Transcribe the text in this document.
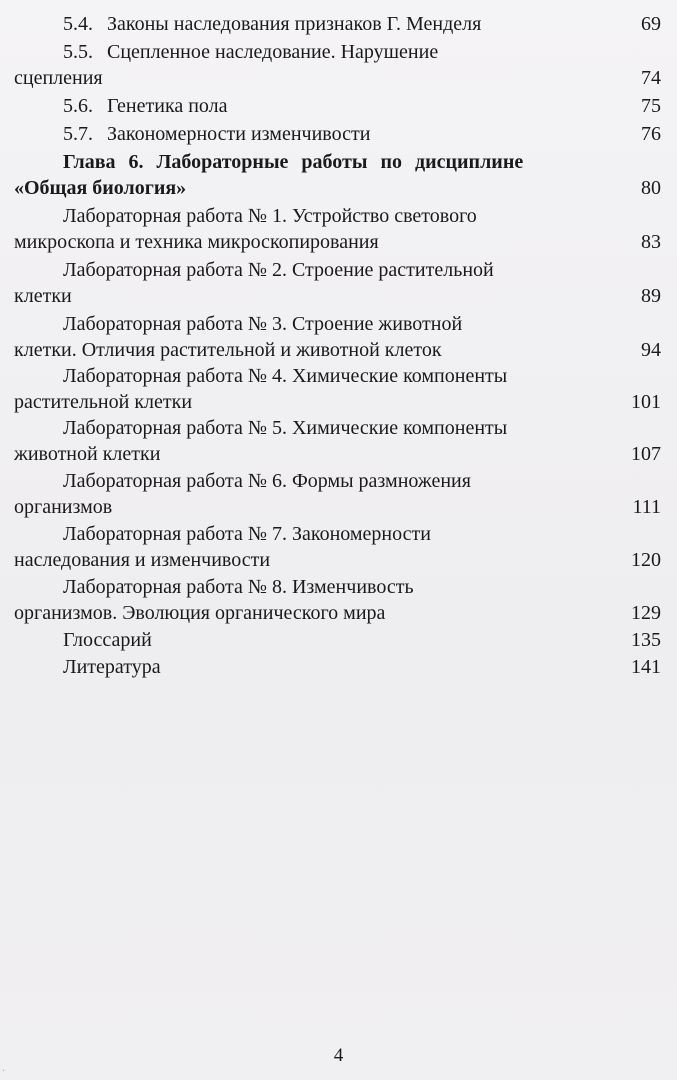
5.4. Законы наследования признаков Г. Менделя	69
5.5. Сцепленное наследование. Нарушение
сцепления	74
5.6. Генетика пола	75
5.7. Закономерности изменчивости	76
Глава 6. Лабораторные работы по дисциплине
«Общая биология»	80
Лабораторная работа № 1. Устройство светового
микроскопа и техника микроскопирования	83
Лабораторная работа № 2. Строение растительной
клетки	89
Лабораторная работа № 3. Строение животной
клетки. Отличия растительной и животной клеток	94
Лабораторная работа № 4. Химические компоненты
растительной клетки	101
Лабораторная работа № 5. Химические компоненты
животной клетки	107
Лабораторная работа № 6. Формы размножения
организмов	111
Лабораторная работа № 7. Закономерности
наследования и изменчивости	120
Лабораторная работа № 8. Изменчивость
организмов. Эволюция органического мира	129
Глоссарий	135
Литература	141
4
.
